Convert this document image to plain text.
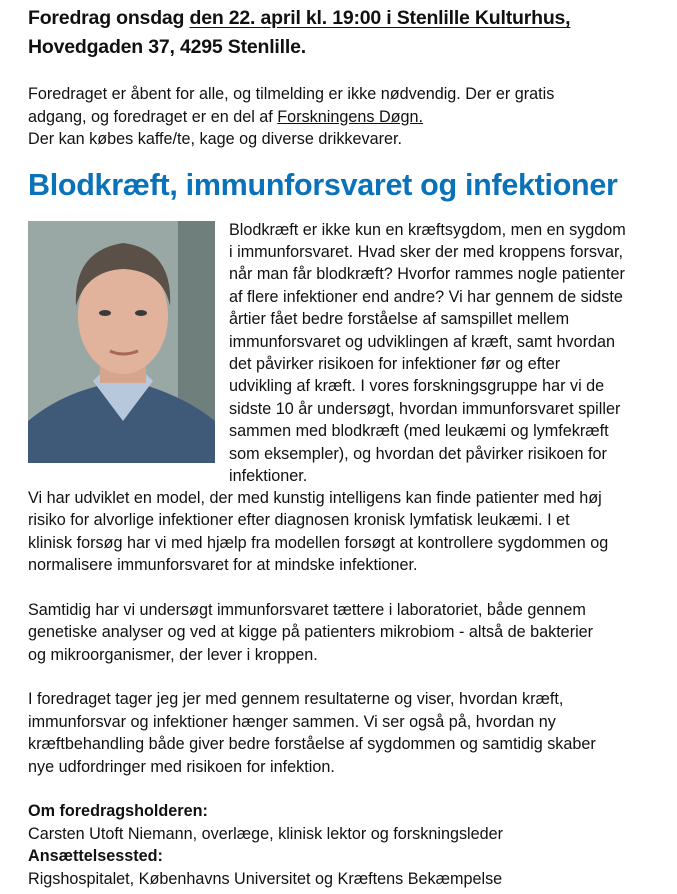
Foredrag onsdag den 22. april kl. 19:00 i Stenlille Kulturhus,
Hovedgaden 37, 4295 Stenlille.
Foredraget er åbent for alle, og tilmelding er ikke nødvendig. Der er gratis
adgang, og foredraget er en del af Forskningens Døgn.
Der kan købes kaffe/te, kage og diverse drikkevarer.
Blodkræft, immunforsvaret og infektioner
Blodkræft er ikke kun en kræftsygdom, men en sygdom
i immunforsvaret. Hvad sker der med kroppens forsvar,
når man får blodkræft? Hvorfor rammes nogle patienter
af flere infektioner end andre? Vi har gennem de sidste
årtier fået bedre forståelse af samspillet mellem
immunforsvaret og udviklingen af kræft, samt hvordan
det påvirker risikoen for infektioner før og efter
udvikling af kræft. I vores forskningsgruppe har vi de
sidste 10 år undersøgt, hvordan immunforsvaret spiller
sammen med blodkræft (med leukæmi og lymfekræft
som eksempler), og hvordan det påvirker risikoen for
infektioner.
Vi har udviklet en model, der med kunstig intelligens kan finde patienter med høj
risiko for alvorlige infektioner efter diagnosen kronisk lymfatisk leukæmi. I et
klinisk forsøg har vi med hjælp fra modellen forsøgt at kontrollere sygdommen og
normalisere immunforsvaret for at mindske infektioner.
Samtidig har vi undersøgt immunforsvaret tættere i laboratoriet, både gennem
genetiske analyser og ved at kigge på patienters mikrobiom - altså de bakterier
og mikroorganismer, der lever i kroppen.
I foredraget tager jeg jer med gennem resultaterne og viser, hvordan kræft,
immunforsvar og infektioner hænger sammen. Vi ser også på, hvordan ny
kræftbehandling både giver bedre forståelse af sygdommen og samtidig skaber
nye udfordringer med risikoen for infektion.
Om foredragsholderen:
Carsten Utoft Niemann, overlæge, klinisk lektor og forskningsleder
Ansættelsessted:
Rigshospitalet, Københavns Universitet og Kræftens Bekæmpelse
